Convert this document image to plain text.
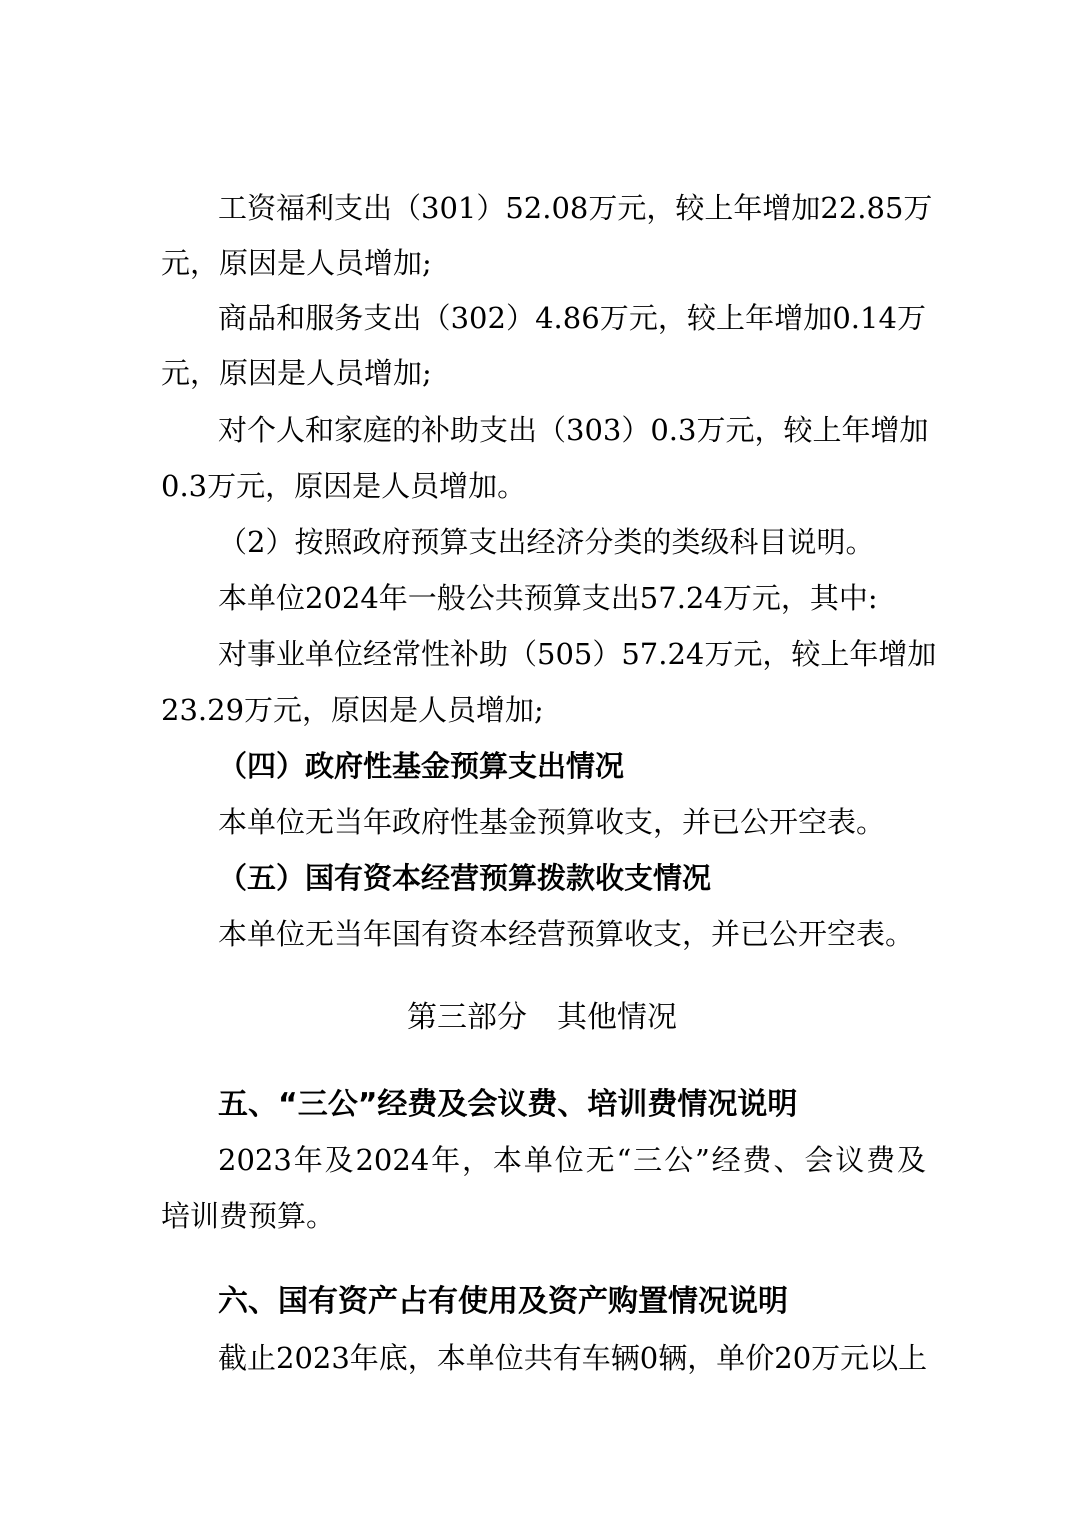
工资福利支出（301）52.08万元，较上年增加22.85万
元，原因是人员增加;
商品和服务支出（302）4.86万元，较上年增加0.14万
元，原因是人员增加;
对个人和家庭的补助支出（303）0.3万元，较上年增加
0.3万元，原因是人员增加。
（2）按照政府预算支出经济分类的类级科目说明。
本单位2024年一般公共预算支出57.24万元，其中:
对事业单位经常性补助（505）57.24万元，较上年增加
23.29万元，原因是人员增加;
（四）政府性基金预算支出情况
本单位无当年政府性基金预算收支，并已公开空表。
（五）国有资本经营预算拨款收支情况
本单位无当年国有资本经营预算收支，并已公开空表。
第三部分　其他情况
五、“三公”经费及会议费、培训费情况说明
2023年及2024年，本单位无“三公”经费、会议费及
培训费预算。
六、国有资产占有使用及资产购置情况说明
截止2023年底，本单位共有车辆0辆，单价20万元以上
